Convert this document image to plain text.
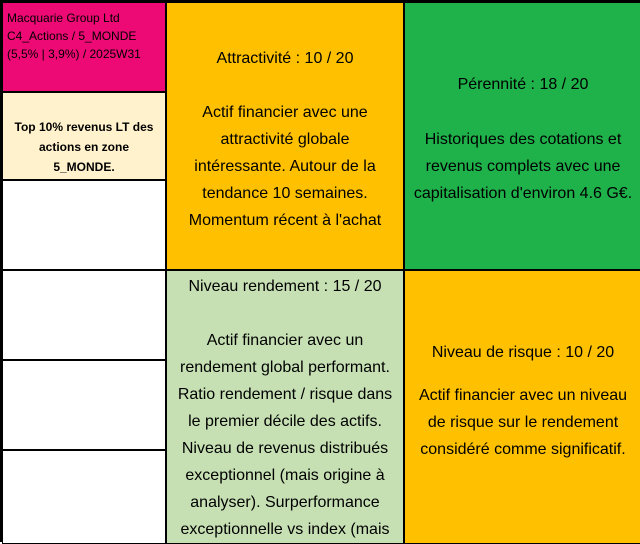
Macquarie Group Ltd
C4_Actions / 5_MONDE
(5,5% | 3,9%) / 2025W31
Top 10% revenus LT des actions en zone 5_MONDE.
Attractivité : 10 / 20
Actif financier avec une attractivité globale intéressante. Autour de la tendance 10 semaines. Momentum récent à l'achat
Pérennité : 18 / 20
Historiques des cotations et revenus complets avec une capitalisation d'environ 4.6 G€.
Niveau rendement : 15 / 20
Actif financier avec un rendement global performant. Ratio rendement / risque dans le premier décile des actifs. Niveau de revenus distribués exceptionnel (mais origine à analyser). Surperformance exceptionnelle vs index (mais
Niveau de risque : 10 / 20
Actif financier avec un niveau de risque sur le rendement considéré comme significatif.
